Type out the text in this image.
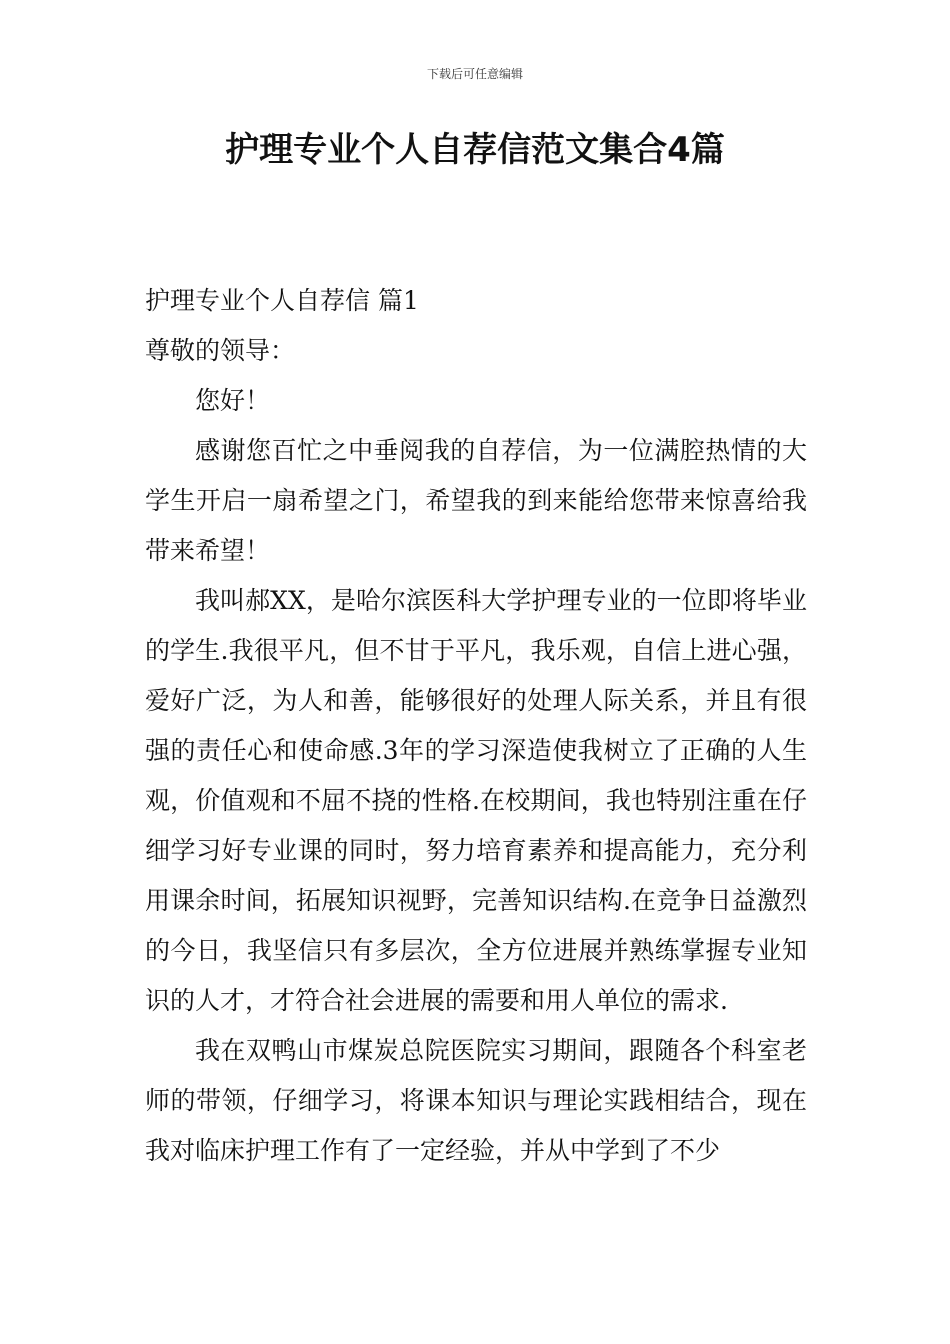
下载后可任意编辑
护理专业个人自荐信范文集合4篇

护理专业个人自荐信 篇1

尊敬的领导：

您好！

感谢您百忙之中垂阅我的自荐信，为一位满腔热情的大学生开启一扇希望之门，希望我的到来能给您带来惊喜给我带来希望！

我叫郝XX，是哈尔滨医科大学护理专业的一位即将毕业的学生.我很平凡，但不甘于平凡，我乐观，自信上进心强，爱好广泛，为人和善，能够很好的处理人际关系，并且有很强的责任心和使命感.3年的学习深造使我树立了正确的人生观，价值观和不屈不挠的性格.在校期间，我也特别注重在仔细学习好专业课的同时，努力培育素养和提高能力，充分利用课余时间，拓展知识视野，完善知识结构.在竞争日益激烈的今日，我坚信只有多层次，全方位进展并熟练掌握专业知识的人才，才符合社会进展的需要和用人单位的需求.

我在双鸭山市煤炭总院医院实习期间，跟随各个科室老师的带领，仔细学习，将课本知识与理论实践相结合，现在我对临床护理工作有了一定经验，并从中学到了不少
